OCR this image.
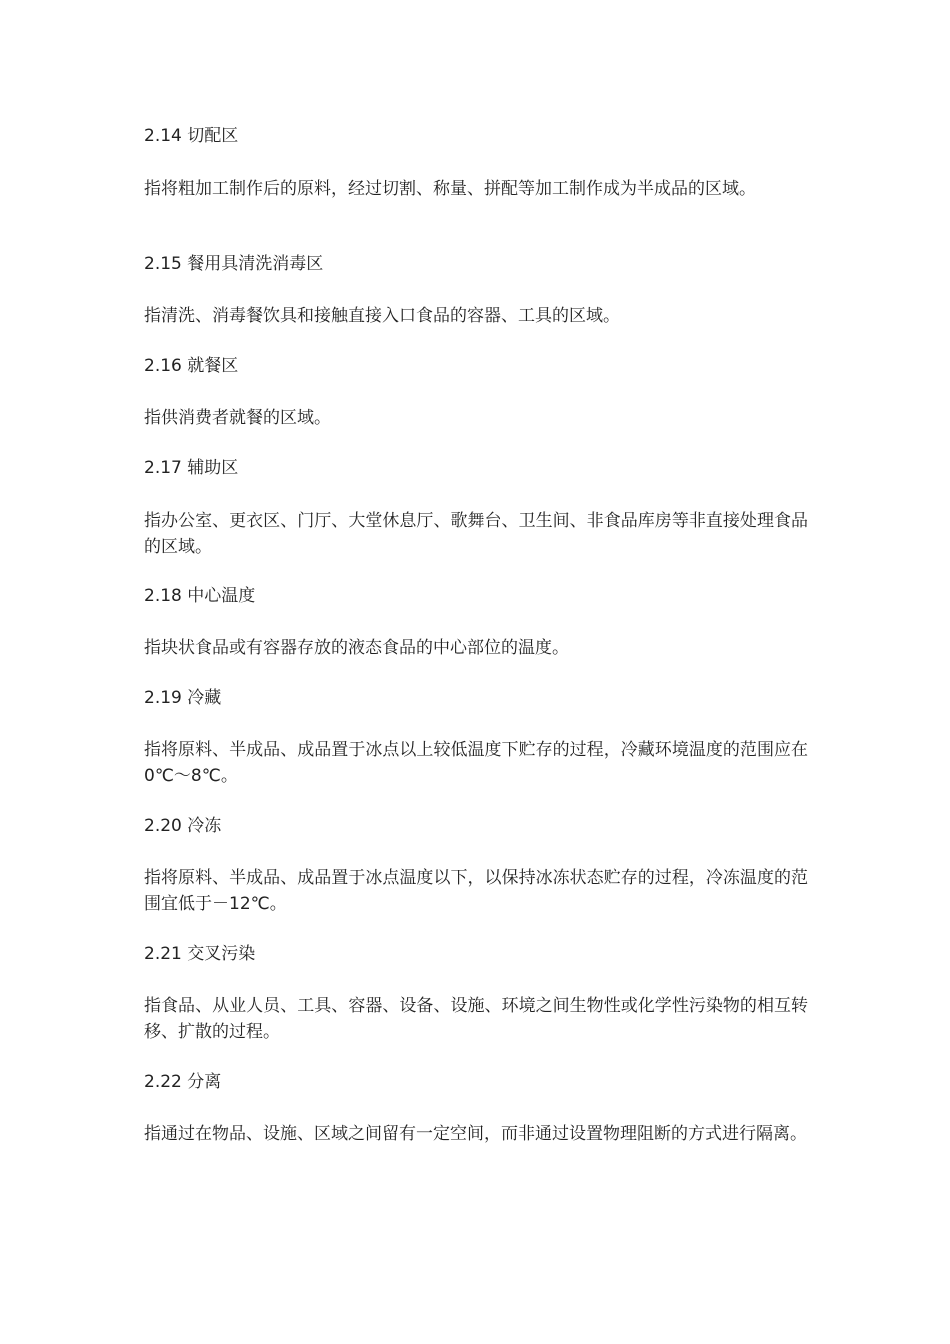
2.14 切配区

指将粗加工制作后的原料，经过切割、称量、拼配等加工制作成为半成品的区域。

2.15 餐用具清洗消毒区

指清洗、消毒餐饮具和接触直接入口食品的容器、工具的区域。

2.16 就餐区

指供消费者就餐的区域。

2.17 辅助区

指办公室、更衣区、门厅、大堂休息厅、歌舞台、卫生间、非食品库房等非直接处理食品的区域。

2.18 中心温度

指块状食品或有容器存放的液态食品的中心部位的温度。

2.19 冷藏

指将原料、半成品、成品置于冰点以上较低温度下贮存的过程，冷藏环境温度的范围应在0℃～8℃。

2.20 冷冻

指将原料、半成品、成品置于冰点温度以下，以保持冰冻状态贮存的过程，冷冻温度的范围宜低于－12℃。

2.21 交叉污染

指食品、从业人员、工具、容器、设备、设施、环境之间生物性或化学性污染物的相互转移、扩散的过程。

2.22 分离

指通过在物品、设施、区域之间留有一定空间，而非通过设置物理阻断的方式进行隔离。
